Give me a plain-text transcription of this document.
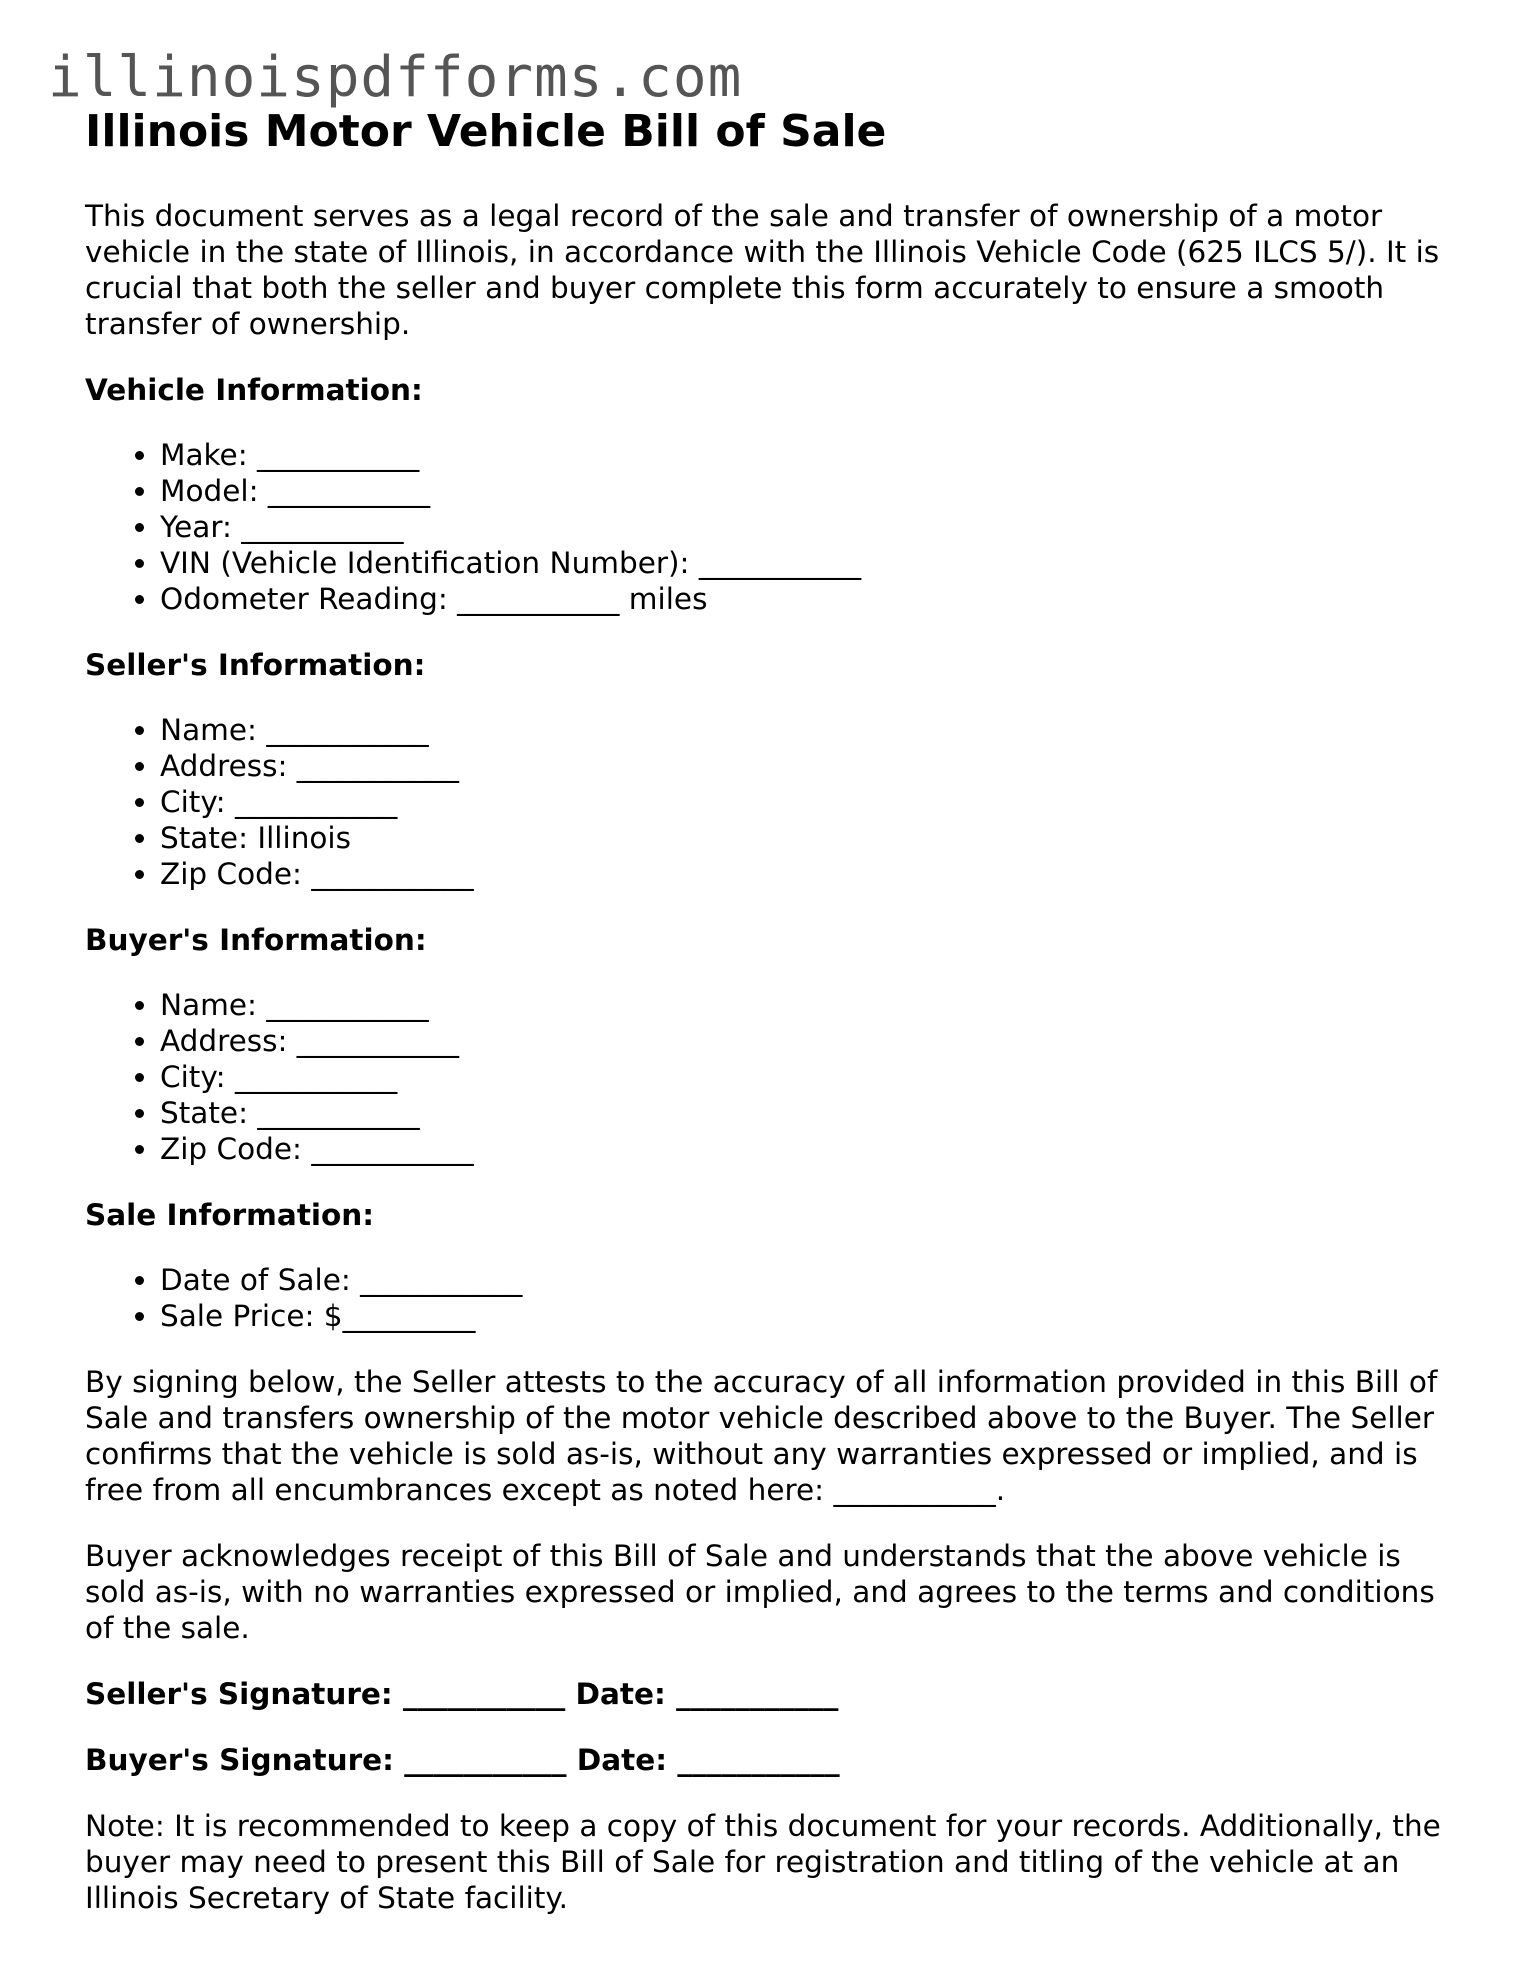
illinoispdfforms.com
Illinois Motor Vehicle Bill of Sale

This document serves as a legal record of the sale and transfer of ownership of a motor vehicle in the state of Illinois, in accordance with the Illinois Vehicle Code (625 ILCS 5/). It is crucial that both the seller and buyer complete this form accurately to ensure a smooth transfer of ownership.

Vehicle Information:
• Make: ___________
• Model: ___________
• Year: ___________
• VIN (Vehicle Identification Number): ___________
• Odometer Reading: ___________ miles
Seller's Information:
• Name: ___________
• Address: ___________
• City: ___________
• State: Illinois
• Zip Code: ___________
Buyer's Information:
• Name: ___________
• Address: ___________
• City: ___________
• State: ___________
• Zip Code: ___________
Sale Information:
• Date of Sale: ___________
• Sale Price: $_________

By signing below, the Seller attests to the accuracy of all information provided in this Bill of Sale and transfers ownership of the motor vehicle described above to the Buyer. The Seller confirms that the vehicle is sold as-is, without any warranties expressed or implied, and is free from all encumbrances except as noted here: ___________.

Buyer acknowledges receipt of this Bill of Sale and understands that the above vehicle is sold as-is, with no warranties expressed or implied, and agrees to the terms and conditions of the sale.

Seller's Signature: ___________ Date: ___________
Buyer's Signature: ___________ Date: ___________

Note: It is recommended to keep a copy of this document for your records. Additionally, the buyer may need to present this Bill of Sale for registration and titling of the vehicle at an Illinois Secretary of State facility.
